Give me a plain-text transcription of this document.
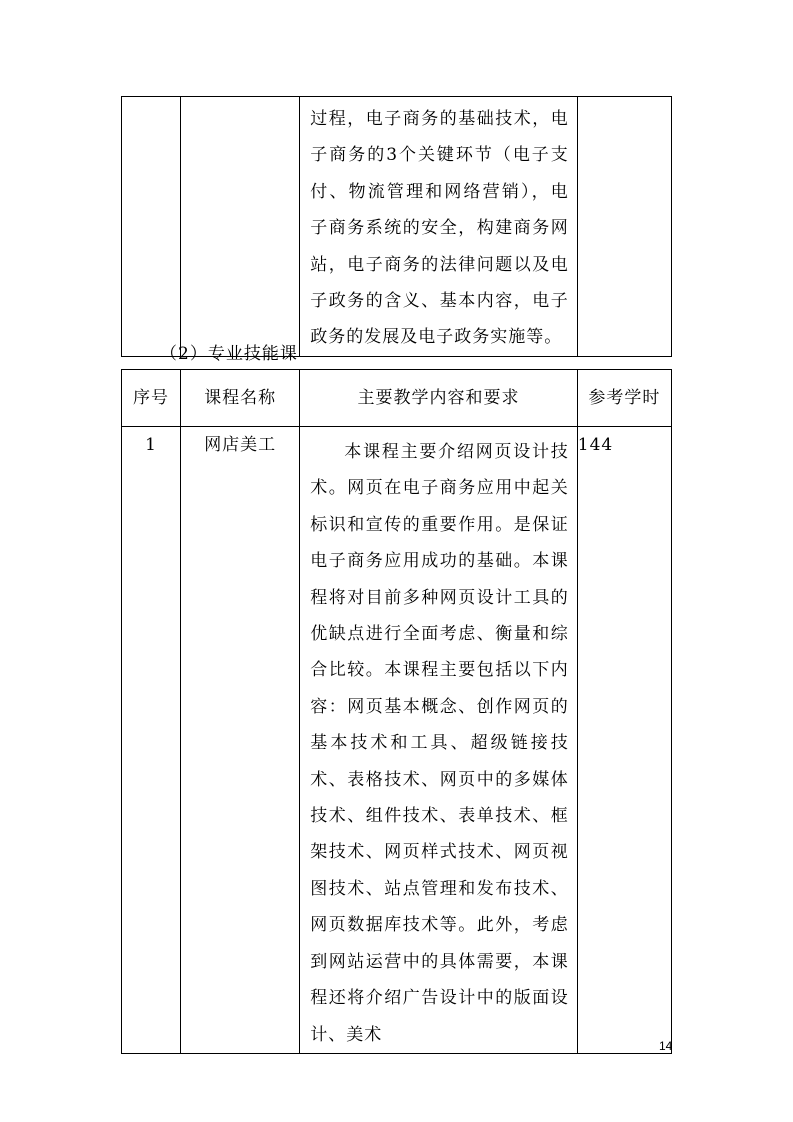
过程，电子商务的基础技术，电子商务的3个关键环节（电子支付、物流管理和网络营销），电子商务系统的安全，构建商务网站，电子商务的法律问题以及电子政务的含义、基本内容，电子政务的发展及电子政务实施等。

（2）专业技能课
序号	课程名称	主要教学内容和要求	参考学时
1	网店美工	本课程主要介绍网页设计技术。网页在电子商务应用中起关标识和宣传的重要作用。是保证电子商务应用成功的基础。本课程将对目前多种网页设计工具的优缺点进行全面考虑、衡量和综合比较。本课程主要包括以下内容：网页基本概念、创作网页的基本技术和工具、超级链接技术、表格技术、网页中的多媒体技术、组件技术、表单技术、框架技术、网页样式技术、网页视图技术、站点管理和发布技术、网页数据库技术等。此外，考虑到网站运营中的具体需要，本课程还将介绍广告设计中的版面设计、美术	144
14
